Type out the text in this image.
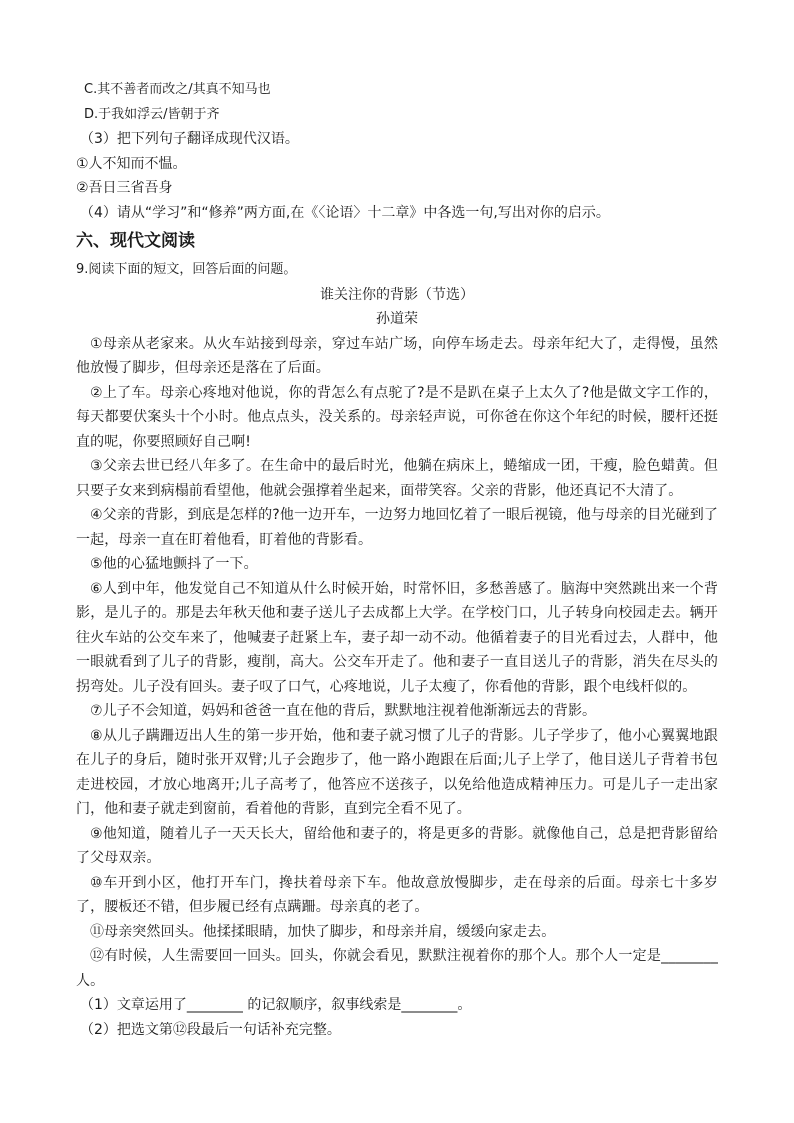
C.其不善者而改之/其真不知马也

D.于我如浮云/皆朝于齐

（3）把下列句子翻译成现代汉语。

①人不知而不愠。

②吾日三省吾身

（4）请从“学习”和“修养”两方面,在《〈论语〉十二章》中各选一句,写出对你的启示。

六、现代文阅读

9.阅读下面的短文，回答后面的问题。

谁关注你的背影（节选）
孙道荣

①母亲从老家来。从火车站接到母亲，穿过车站广场，向停车场走去。母亲年纪大了，走得慢，虽然他放慢了脚步，但母亲还是落在了后面。

②上了车。母亲心疼地对他说，你的背怎么有点驼了?是不是趴在桌子上太久了?他是做文字工作的，每天都要伏案头十个小时。他点点头，没关系的。母亲轻声说，可你爸在你这个年纪的时候，腰杆还挺直的呢，你要照顾好自己啊!

③父亲去世已经八年多了。在生命中的最后时光，他躺在病床上，蜷缩成一团，干瘦，脸色蜡黄。但只要子女来到病榻前看望他，他就会强撑着坐起来，面带笑容。父亲的背影，他还真记不大清了。

④父亲的背影，到底是怎样的?他一边开车，一边努力地回忆着了一眼后视镜，他与母亲的目光碰到了一起，母亲一直在盯着他看，盯着他的背影看。

⑤他的心猛地颤抖了一下。

⑥人到中年，他发觉自己不知道从什么时候开始，时常怀旧，多愁善感了。脑海中突然跳出来一个背影，是儿子的。那是去年秋天他和妻子送儿子去成都上大学。在学校门口，儿子转身向校园走去。辆开往火车站的公交车来了，他喊妻子赶紧上车，妻子却一动不动。他循着妻子的目光看过去，人群中，他一眼就看到了儿子的背影，瘦削，高大。公交车开走了。他和妻子一直目送儿子的背影，消失在尽头的拐弯处。儿子没有回头。妻子叹了口气，心疼地说，儿子太瘦了，你看他的背影，跟个电线杆似的。

⑦儿子不会知道，妈妈和爸爸一直在他的背后，默默地注视着他渐渐远去的背影。

⑧从儿子蹒跚迈出人生的第一步开始，他和妻子就习惯了儿子的背影。儿子学步了，他小心翼翼地跟在儿子的身后，随时张开双臂;儿子会跑步了，他一路小跑跟在后面;儿子上学了，他目送儿子背着书包走进校园，才放心地离开;儿子高考了，他答应不送孩子，以免给他造成精神压力。可是儿子一走出家门，他和妻子就走到窗前，看着他的背影，直到完全看不见了。

⑨他知道，随着儿子一天天长大，留给他和妻子的，将是更多的背影。就像他自己，总是把背影留给了父母双亲。

⑩车开到小区，他打开车门，搀扶着母亲下车。他故意放慢脚步，走在母亲的后面。母亲七十多岁了，腰板还不错，但步履已经有点蹒跚。母亲真的老了。

⑪母亲突然回头。他揉揉眼睛，加快了脚步，和母亲并肩，缓缓向家走去。

⑫有时候，人生需要回一回头。回头，你就会看见，默默注视着你的那个人。那个人一定是________人。

（1）文章运用了________ 的记叙顺序，叙事线索是________。

（2）把选文第⑫段最后一句话补充完整。
